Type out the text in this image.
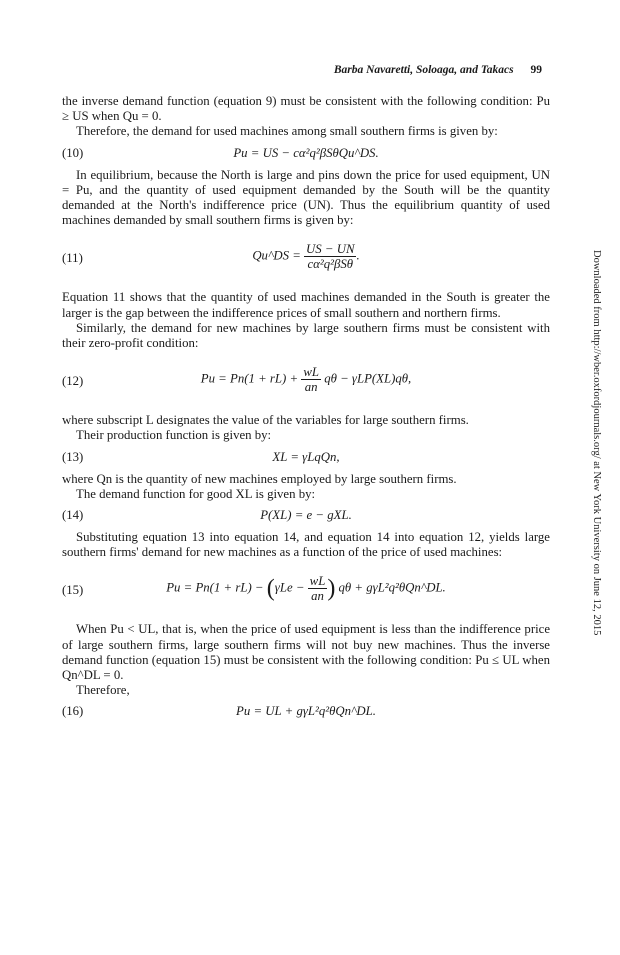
Barba Navaretti, Soloaga, and Takacs 99

the inverse demand function (equation 9) must be consistent with the following condition: Pu ≥ US when Qu = 0.

Therefore, the demand for used machines among small southern firms is given by:

(10)	Pu = US − cα²q²βSθQu^DS.

In equilibrium, because the North is large and pins down the price for used equipment, UN = Pu, and the quantity of used equipment demanded by the South will be the quantity demanded at the North's indifference price (UN). Thus the equilibrium quantity of used machines demanded by small southern firms is given by:

(11)	Qu^DS = $\frac{US - UN}{\text{cα²q²βSθ}}$ .

Equation 11 shows that the quantity of used machines demanded in the South is greater the larger is the gap between the indifference prices of small southern and northern firms.

Similarly, the demand for new machines by large southern firms must be consistent with their zero-profit condition:

(12)	$Pu = Pn(1 + rL) + \frac{wL}{an}$ qθ − γLP(XL)qθ,

where subscript L designates the value of the variables for large southern firms.

Their production function is given by:

(13)	XL = γLqQn,

where Qn is the quantity of new machines employed by large southern firms.

The demand function for good XL is given by:

(14)	P(XL) = e − gXL.

Substituting equation 13 into equation 14, and equation 14 into equation 12, yields large southern firms' demand for new machines as a function of the price of used machines:

(15)	$Pu = Pn(1 + rL) - (\gamma Le - \frac{wL}{an}$ ) qθ + gγL²q²θQn^DL.

When Pu < UL, that is, when the price of used equipment is less than the indifference price of large southern firms, large southern firms will not buy new machines. Thus the inverse demand function (equation 15) must be consistent with the following condition: Pu ≤ UL when Qn^DL = 0.

Therefore,

(16)	Pu = UL + gγL²q²θQn^DL.
Downloaded from http://wber.oxfordjournals.org/ at New York University on June 12, 2015
